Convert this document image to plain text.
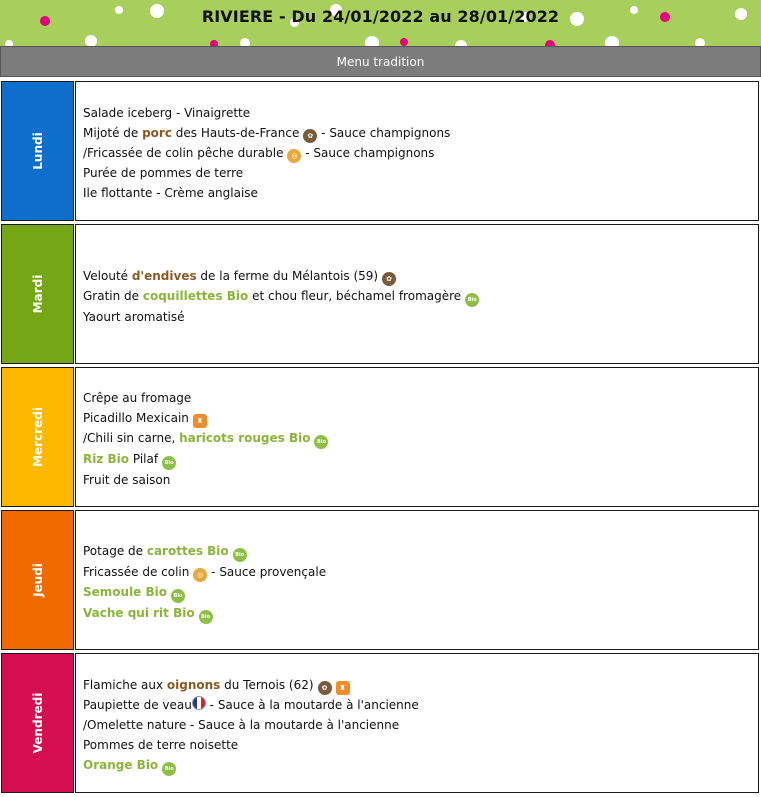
RIVIERE - Du 24/01/2022 au 28/01/2022
Menu tradition
Lundi
Salade iceberg - Vinaigrette
Mijoté de porc des Hauts-de-France ✿ - Sauce champignons
/Fricassée de colin pêche durable ◎ - Sauce champignons
Purée de pommes de terre
Ile flottante - Crème anglaise
Mardi	Velouté d'endives de la ferme du Mélantois (59) ✿
Gratin de coquillettes Bio et chou fleur, béchamel fromagère Bio
Yaourt aromatisé
Mercredi
Crêpe au fromage
Picadillo Mexicain ♜
/Chili sin carne, haricots rouges Bio Bio
Riz Bio Pilaf Bio
Fruit de saison
Jeudi
Potage de carottes Bio Bio
Fricassée de colin ◎ - Sauce provençale
Semoule Bio Bio
Vache qui rit Bio Bio
Vendredi
Flamiche aux oignons du Ternois (62) ✿ ♜
Paupiette de veau - Sauce à la moutarde à l'ancienne
/Omelette nature - Sauce à la moutarde à l'ancienne
Pommes de terre noisette
Orange Bio Bio
